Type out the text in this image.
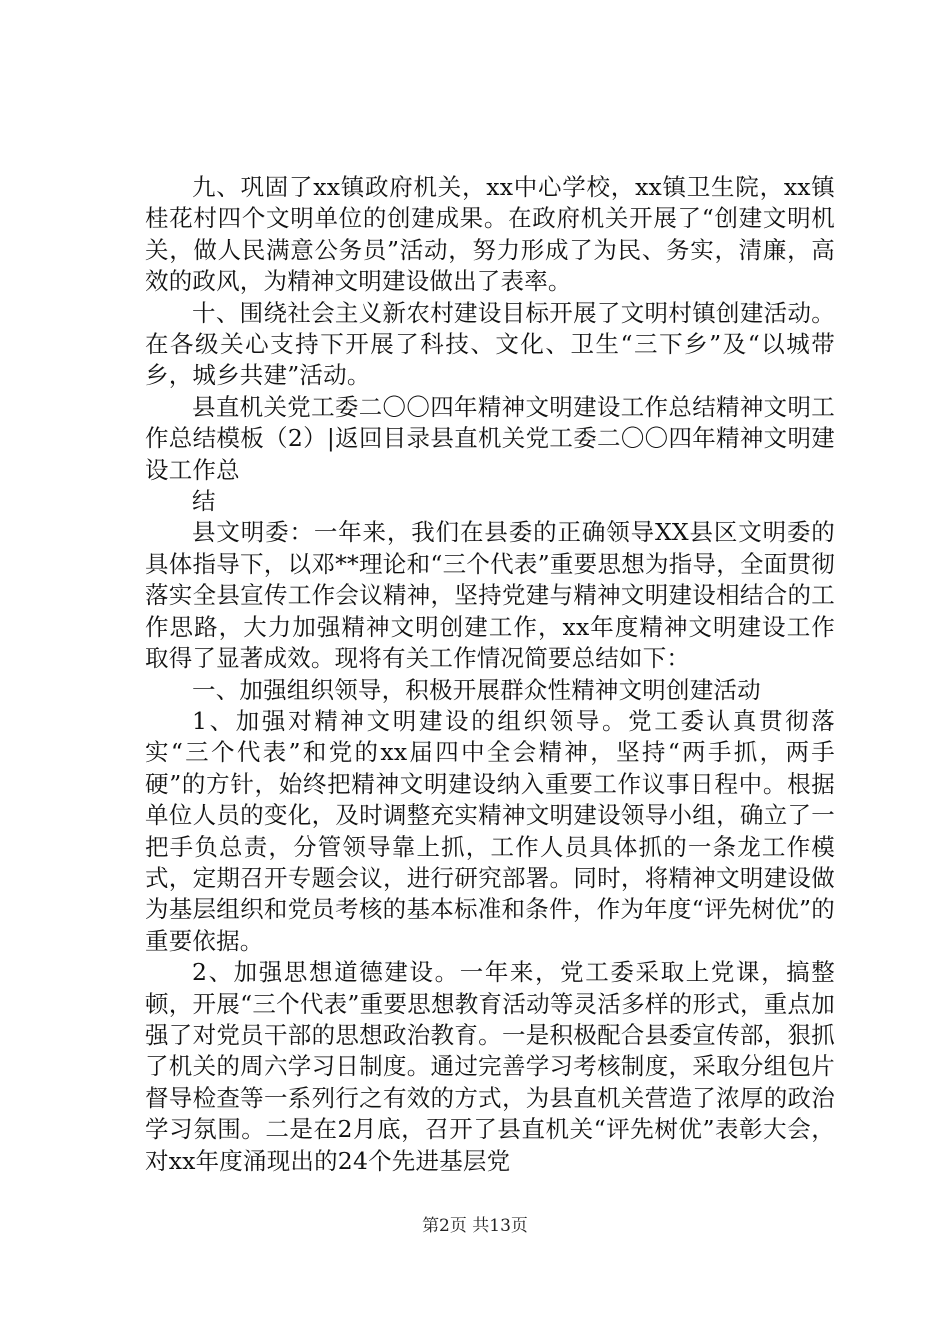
九、巩固了xx镇政府机关，xx中心学校，xx镇卫生院，xx镇桂花村四个文明单位的创建成果。在政府机关开展了“创建文明机关，做人民满意公务员”活动，努力形成了为民、务实，清廉，高效的政风，为精神文明建设做出了表率。

十、围绕社会主义新农村建设目标开展了文明村镇创建活动。在各级关心支持下开展了科技、文化、卫生“三下乡”及“以城带乡，城乡共建”活动。

县直机关党工委二〇〇四年精神文明建设工作总结精神文明工作总结模板（2）|返回目录县直机关党工委二〇〇四年精神文明建设工作总

结

县文明委：一年来，我们在县委的正确领导XX县区文明委的具体指导下，以邓**理论和“三个代表”重要思想为指导，全面贯彻落实全县宣传工作会议精神，坚持党建与精神文明建设相结合的工作思路，大力加强精神文明创建工作，xx年度精神文明建设工作取得了显著成效。现将有关工作情况简要总结如下：

一、加强组织领导，积极开展群众性精神文明创建活动

1、加强对精神文明建设的组织领导。党工委认真贯彻落实“三个代表”和党的xx届四中全会精神，坚持“两手抓，两手硬”的方针，始终把精神文明建设纳入重要工作议事日程中。根据单位人员的变化，及时调整充实精神文明建设领导小组，确立了一把手负总责，分管领导靠上抓，工作人员具体抓的一条龙工作模式，定期召开专题会议，进行研究部署。同时，将精神文明建设做为基层组织和党员考核的基本标准和条件，作为年度“评先树优”的重要依据。

2、加强思想道德建设。一年来，党工委采取上党课，搞整顿，开展“三个代表”重要思想教育活动等灵活多样的形式，重点加强了对党员干部的思想政治教育。一是积极配合县委宣传部，狠抓了机关的周六学习日制度。通过完善学习考核制度，采取分组包片督导检查等一系列行之有效的方式，为县直机关营造了浓厚的政治学习氛围。二是在2月底，召开了县直机关“评先树优”表彰大会，对xx年度涌现出的24个先进基层党

第2页 共13页
